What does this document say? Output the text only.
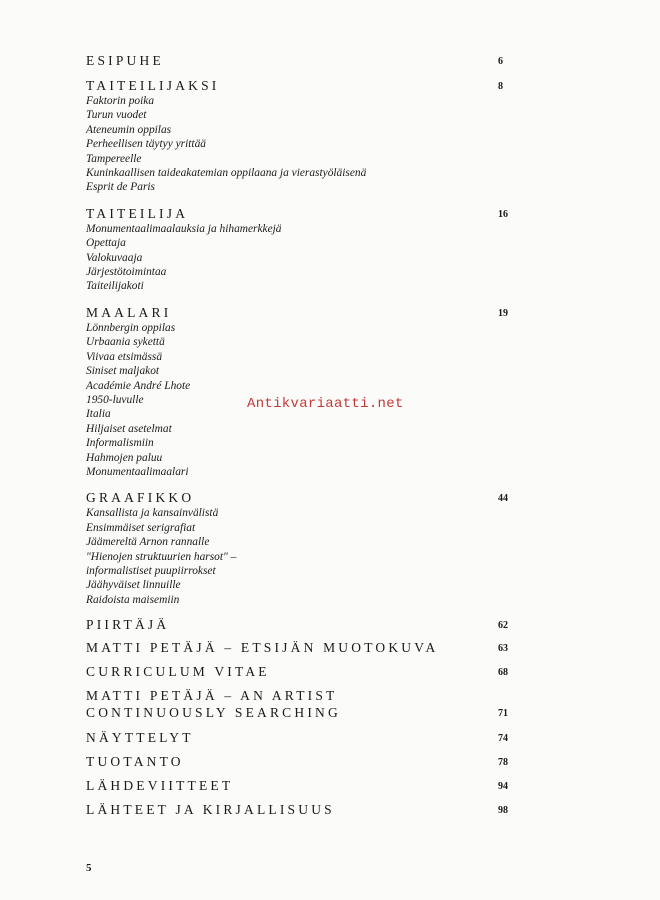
ESIPUHE	6
TAITEILIJAKSI	8
Faktorin poika
Turun vuodet
Ateneumin oppilas
Perheellisen täytyy yrittää
Tampereelle
Kuninkaallisen taideakatemian oppilaana ja vierastyöläisenä
Esprit de Paris
TAITEILIJA	16
Monumentaalimaalauksia ja hihamerkkejä
Opettaja
Valokuvaaja
Järjestötoimintaa
Taiteilijakoti
MAALARI	19
Lönnbergin oppilas
Urbaania sykettä
Viivaa etsimässä
Siniset maljakot
Académie André Lhote
1950-luvulle
Italia
Hiljaiset asetelmat
Informalismiin
Hahmojen paluu
Monumentaalimaalari
GRAAFIKKO	44
Kansallista ja kansainvälistä
Ensimmäiset serigrafiat
Jäämereltä Arnon rannalle
"Hienojen struktuurien harsot" –
informalistiset puupiirrokset
Jäähyväiset linnuille
Raidoista maisemiin
PIIRTÄJÄ	62
MATTI PETÄJÄ – ETSIJÄN MUOTOKUVA	63
CURRICULUM VITAE	68
MATTI PETÄJÄ – AN ARTIST
CONTINUOUSLY SEARCHING	71
NÄYTTELYT	74
TUOTANTO	78
LÄHDEVIITTEET	94
LÄHTEET JA KIRJALLISUUS	98
Antikvariaatti.net
5
